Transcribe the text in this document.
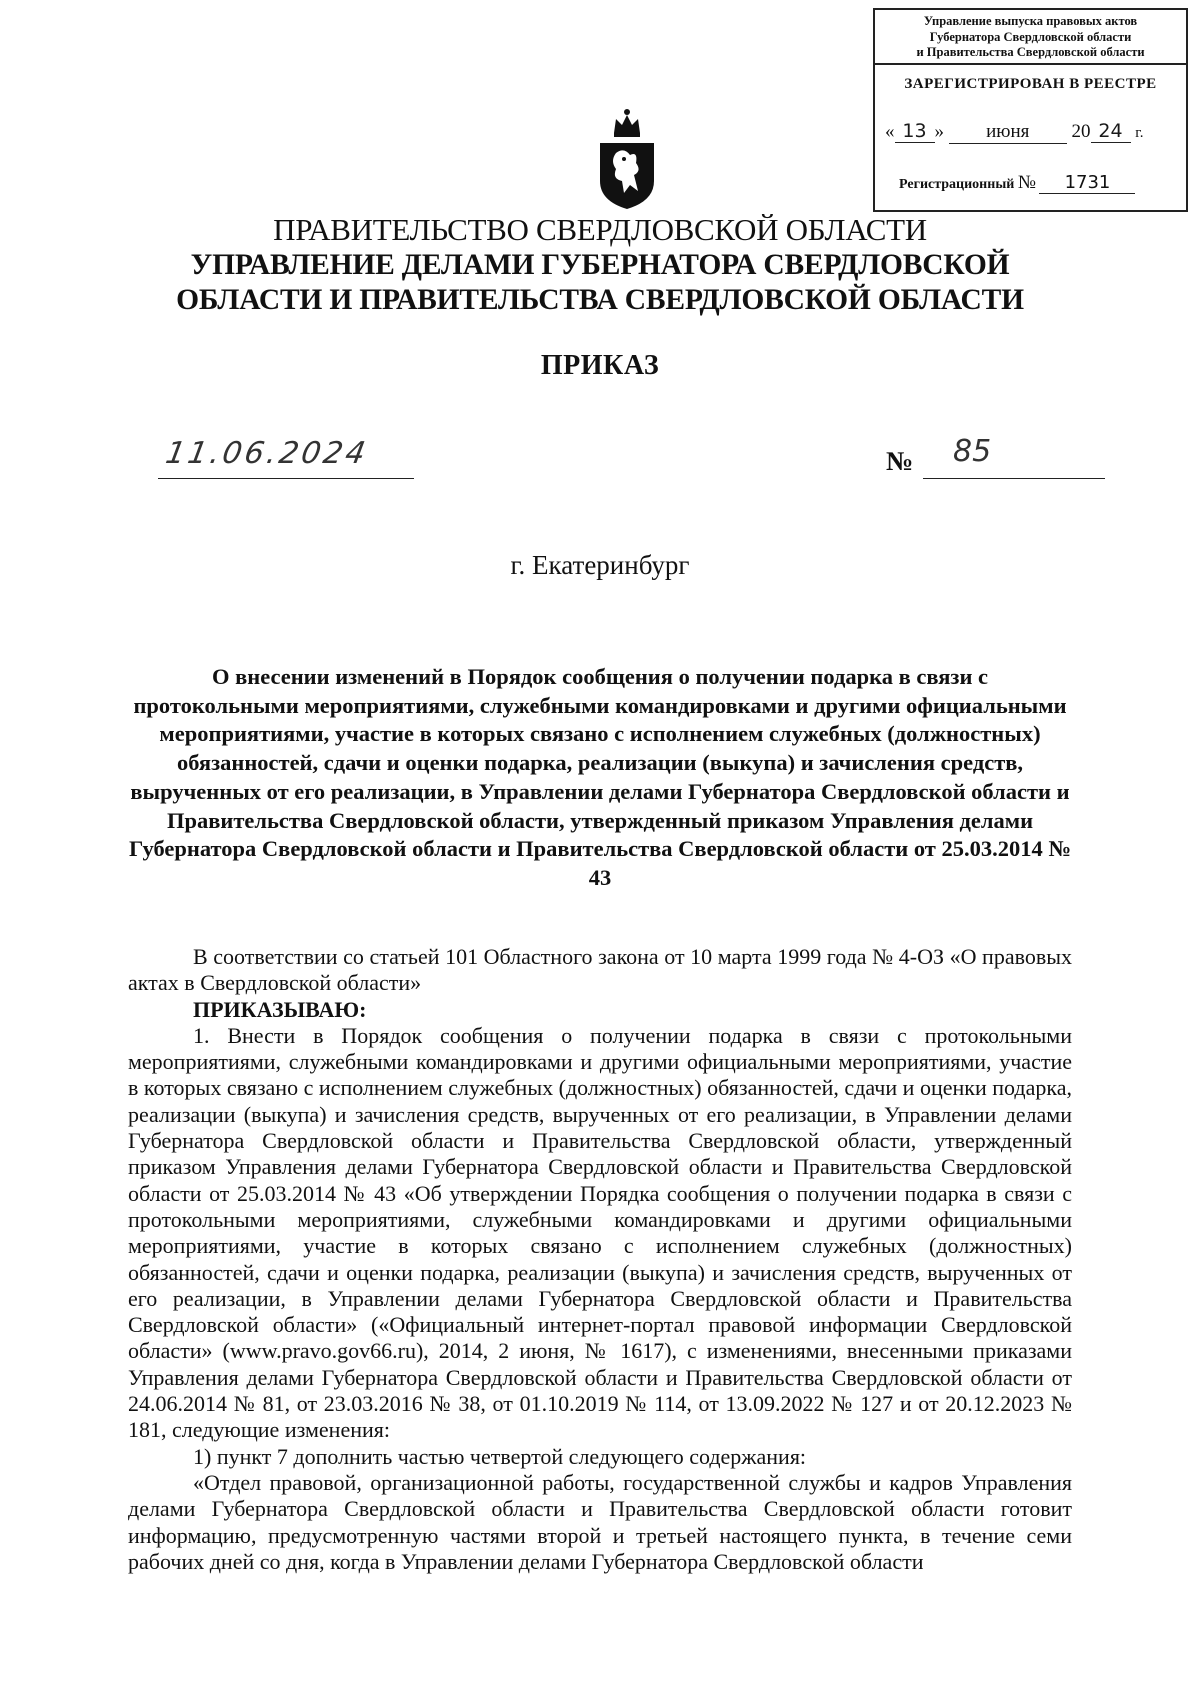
Управление выпуска правовых актов
Губернатора Свердловской области
и Правительства Свердловской области
ЗАРЕГИСТРИРОВАН В РЕЕСТРЕ
« 13 » июня 20 24 г.
Регистрационный № 1731
ПРАВИТЕЛЬСТВО СВЕРДЛОВСКОЙ ОБЛАСТИ
УПРАВЛЕНИЕ ДЕЛАМИ ГУБЕРНАТОРА СВЕРДЛОВСКОЙ
ОБЛАСТИ И ПРАВИТЕЛЬСТВА СВЕРДЛОВСКОЙ ОБЛАСТИ
ПРИКАЗ
11.06.2024	№ 85
г. Екатеринбург
О внесении изменений в Порядок сообщения о получении подарка в связи с протокольными мероприятиями, служебными командировками и другими официальными мероприятиями, участие в которых связано с исполнением служебных (должностных) обязанностей, сдачи и оценки подарка, реализации (выкупа) и зачисления средств, вырученных от его реализации, в Управлении делами Губернатора Свердловской области и Правительства Свердловской области, утвержденный приказом Управления делами Губернатора Свердловской области и Правительства Свердловской области от 25.03.2014 № 43

В соответствии со статьей 101 Областного закона от 10 марта 1999 года № 4-ОЗ «О правовых актах в Свердловской области»

ПРИКАЗЫВАЮ:

1. Внести в Порядок сообщения о получении подарка в связи с протокольными мероприятиями, служебными командировками и другими официальными мероприятиями, участие в которых связано с исполнением служебных (должностных) обязанностей, сдачи и оценки подарка, реализации (выкупа) и зачисления средств, вырученных от его реализации, в Управлении делами Губернатора Свердловской области и Правительства Свердловской области, утвержденный приказом Управления делами Губернатора Свердловской области и Правительства Свердловской области от 25.03.2014 № 43 «Об утверждении Порядка сообщения о получении подарка в связи с протокольными мероприятиями, служебными командировками и другими официальными мероприятиями, участие в которых связано с исполнением служебных (должностных) обязанностей, сдачи и оценки подарка, реализации (выкупа) и зачисления средств, вырученных от его реализации, в Управлении делами Губернатора Свердловской области и Правительства Свердловской области» («Официальный интернет-портал правовой информации Свердловской области» (www.pravo.gov66.ru), 2014, 2 июня, № 1617), с изменениями, внесенными приказами Управления делами Губернатора Свердловской области и Правительства Свердловской области от 24.06.2014 № 81, от 23.03.2016 № 38, от 01.10.2019 № 114, от 13.09.2022 № 127 и от 20.12.2023 № 181, следующие изменения:

1) пункт 7 дополнить частью четвертой следующего содержания:

«Отдел правовой, организационной работы, государственной службы и кадров Управления делами Губернатора Свердловской области и Правительства Свердловской области готовит информацию, предусмотренную частями второй и третьей настоящего пункта, в течение семи рабочих дней со дня, когда в Управлении делами Губернатора Свердловской области
